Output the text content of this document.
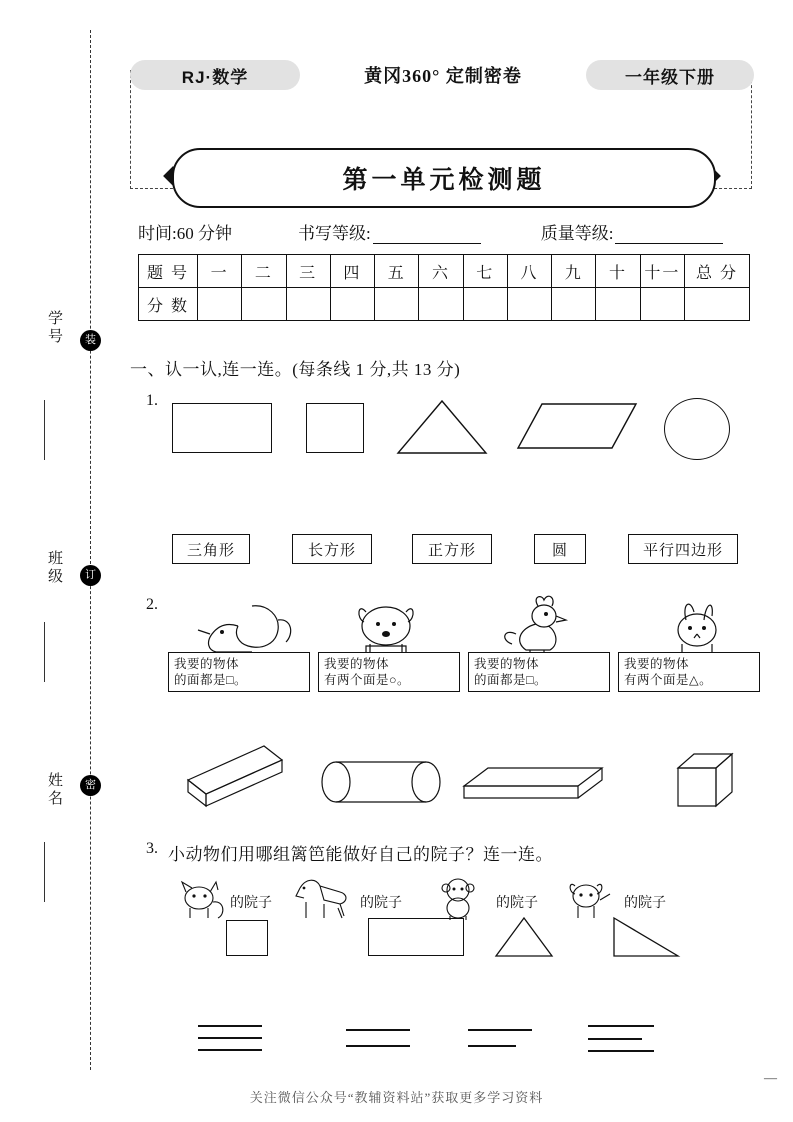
学号
班级
姓名
装
订
密
RJ·数学	黄冈360° 定制密卷	一年级下册
第一单元检测题
时间:60 分钟	书写等级:	质量等级:
题 号	一	二	三	四	五	六	七	八	九	十	十一	总 分
分 数												
一、认一认,连一连。(每条线 1 分,共 13 分)
1.
三角形	长方形	正方形	圆	平行四边形
2.
我要的物体
的面都是□。
我要的物体
有两个面是○。
我要的物体
的面都是□。
我要的物体
有两个面是△。
3. 小动物们用哪组篱笆能做好自己的院子？连一连。
的院子	的院子	的院子	的院子
关注微信公众号“教辅资料站”获取更多学习资料
—
